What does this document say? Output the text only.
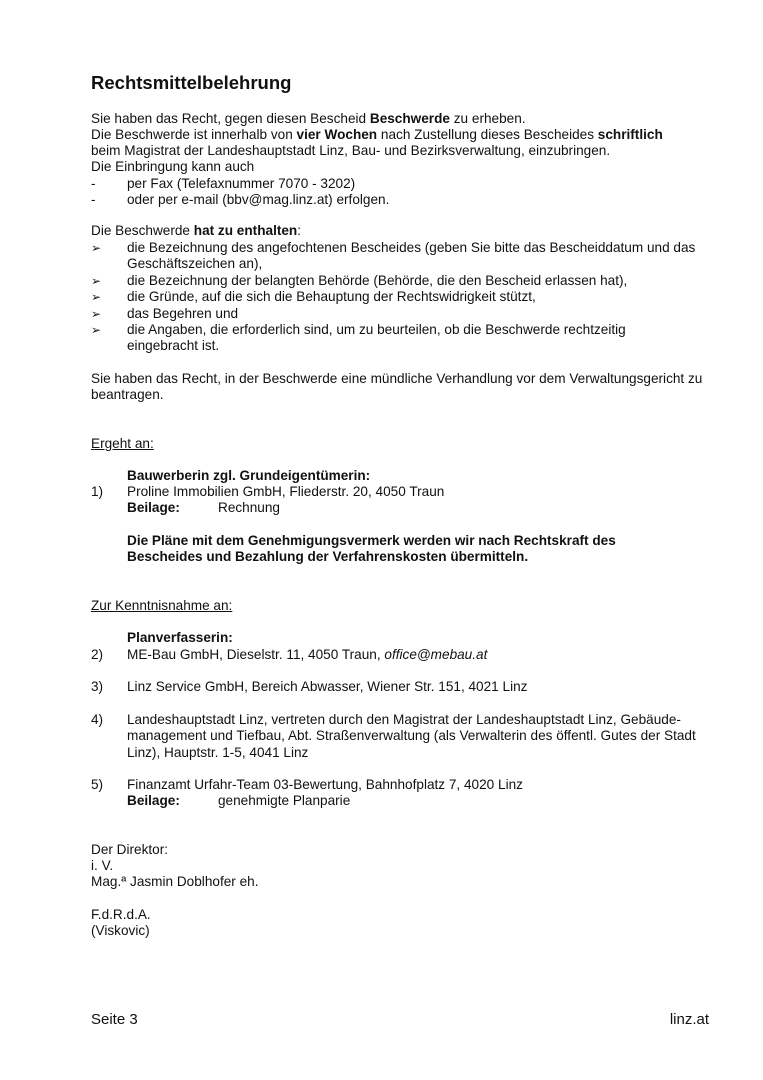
Rechtsmittelbelehrung
Sie haben das Recht, gegen diesen Bescheid Beschwerde zu erheben.
Die Beschwerde ist innerhalb von vier Wochen nach Zustellung dieses Bescheides schriftlich
beim Magistrat der Landeshauptstadt Linz, Bau- und Bezirksverwaltung, einzubringen.
Die Einbringung kann auch
- per Fax (Telefaxnummer 7070 - 3202)
- oder per e-mail (bbv@mag.linz.at) erfolgen.
Die Beschwerde hat zu enthalten:
➢ die Bezeichnung des angefochtenen Bescheides (geben Sie bitte das Bescheiddatum und das Geschäftszeichen an),
➢ die Bezeichnung der belangten Behörde (Behörde, die den Bescheid erlassen hat),
➢ die Gründe, auf die sich die Behauptung der Rechtswidrigkeit stützt,
➢ das Begehren und
➢ die Angaben, die erforderlich sind, um zu beurteilen, ob die Beschwerde rechtzeitig eingebracht ist.
Sie haben das Recht, in der Beschwerde eine mündliche Verhandlung vor dem Verwaltungsgericht zu beantragen.
Ergeht an:
Bauwerberin zgl. Grundeigentümerin:
1) Proline Immobilien GmbH, Fliederstr. 20, 4050 Traun
Beilage:	Rechnung
Die Pläne mit dem Genehmigungsvermerk werden wir nach Rechtskraft des Bescheides und Bezahlung der Verfahrenskosten übermitteln.
Zur Kenntnisnahme an:
Planverfasserin:
2) ME-Bau GmbH, Dieselstr. 11, 4050 Traun, office@mebau.at
3) Linz Service GmbH, Bereich Abwasser, Wiener Str. 151, 4021 Linz
4) Landeshauptstadt Linz, vertreten durch den Magistrat der Landeshauptstadt Linz, Gebäude-management und Tiefbau, Abt. Straßenverwaltung (als Verwalterin des öffentl. Gutes der Stadt Linz), Hauptstr. 1-5, 4041 Linz
5) Finanzamt Urfahr-Team 03-Bewertung, Bahnhofplatz 7, 4020 Linz
Beilage:	genehmigte Planparie
Der Direktor:
i. V.
Mag.ª Jasmin Doblhofer eh.
F.d.R.d.A.
(Viskovic)
Seite 3	linz.at
